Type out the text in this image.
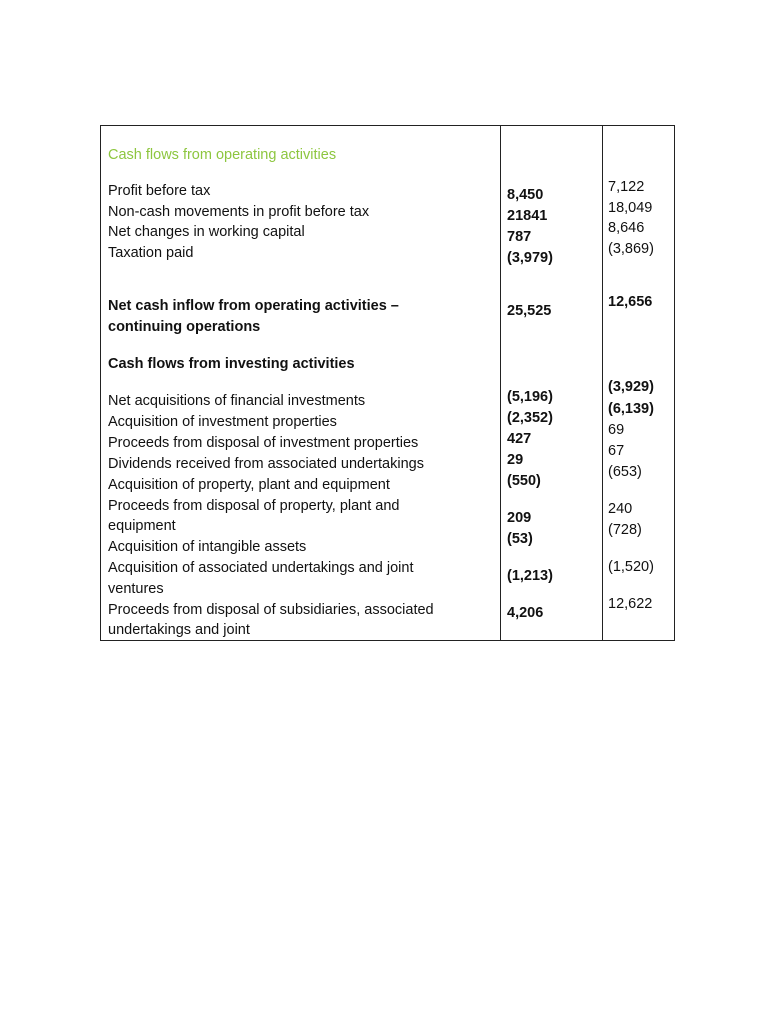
Cash flows from operating activities
Profit before tax
Non-cash movements in profit before tax
Net changes in working capital
Taxation paid
8,450
21841
787
(3,979)
7,122
18,049
8,646
(3,869)
Net cash inflow from operating activities –
continuing operations
25,525
12,656
Cash flows from investing activities
Net acquisitions of financial investments
Acquisition of investment properties
Proceeds from disposal of investment properties
Dividends received from associated undertakings
Acquisition of property, plant and equipment
Proceeds from disposal of property, plant and
equipment
Acquisition of intangible assets
Acquisition of associated undertakings and joint
ventures
Proceeds from disposal of subsidiaries, associated
undertakings and joint
(5,196)
(2,352)
427
29
(550)
209
(53)
(1,213)
4,206
(3,929)
(6,139)
69
67
(653)
240
(728)
(1,520)
12,622
